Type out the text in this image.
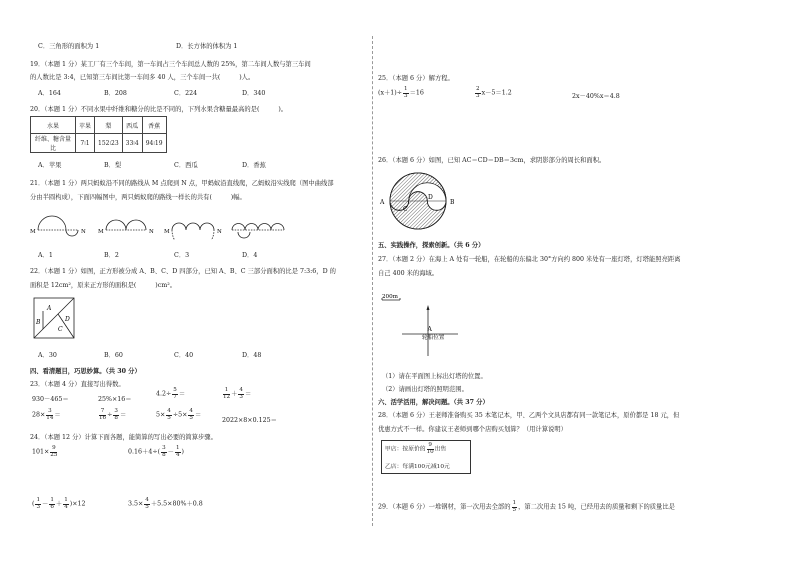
C．三角形的面积为 1	D．长方体的体积为 1
19．（本题 1 分）某工厂有三个车间，第一车间占三个车间总人数的 25%，第二车间人数与第三车间
的人数比是 3:4，已知第三车间比第一车间多 40 人，三个车间一共(　　　)人。
A．164	B．208	C．224	D．340
20．（本题 1 分）不同水果中纤维和糖分的比是不同的，下列水果含糖量最高的是(　　　)。
水果	苹果	梨	西瓜	香蕉
纤维、糖含量比	7∶1	152∶23	33∶4	94∶19
A．苹果	B．梨	C．西瓜	D．香蕉
21．（本题 1 分）两只蚂蚁沿不同的路线从 M 点爬到 N 点，甲蚂蚁沿直线爬，乙蚂蚁沿实线爬（图中曲线部
分由半圆构成），下面四幅图中，两只蚂蚁爬的路线一样长的共有(　　　)幅。
M	N M	N M	N
A．1	B．2	C．3	D．4
22．（本题 1 分）如图，正方形被分成 A、B、C、D 四部分，已知 A、B、C 三部分面积的比是 7:3:6，D 的
面积是 12cm²，原来正方形的面积是(　　　)cm²。
A
B
C
D
A．30	B．60	C．40	D．48
四、看清题目，巧思妙算。（共 30 分）
23．（本题 4 分）直接写出得数。
930－465＝	25%×16＝
$4.2\div \frac{5}{7}$ ＝	$\frac{1}{12} + \frac{4}{3}$ ＝
$28\times \frac{3}{14}$ ＝	$\frac{7}{16} \div \frac{3}{8}$ ＝	$5\times \frac{4}{5} \div 5\times \frac{4}{5}$ ＝
2022×8×0.125＝
24．（本题 12 分）计算下面各题，能简算的写出必要的简算步骤。
$101\times \frac{9}{25}$	$0.16+4\div( \frac{3}{8} - \frac{1}{4}$ )
( $\frac{1}{3} - \frac{1}{6} + \frac{1}{4} )\times 12$	$3.5\times \frac{4}{5} +5.5\times 80\%+0.8$
25．（本题 6 分）解方程。
$(x+1)\div \frac{1}{3} =16$	$\frac{2}{3} x-5=1.2$	2x－40%x＝4.8
26．（本题 6 分）如图，已知 AC＝CD＝DB＝3cm，求阴影部分的周长和面积。
A
C
D
B
五、实践操作，探索创新。（共 6 分）
27．（本题 2 分）在海上 A 处有一轮船，在轮船的东偏北 30°方向约 800 米处有一座灯塔，灯塔能照亮距离
自己 400 米的海域。
200m
A
轮船位置
（1）请在平面图上标出灯塔的位置。
（2）请画出灯塔的照明范围。
六、活学活用，解决问题。（共 37 分）
28．（本题 6 分）王老师准备购买 35 本笔记本，甲、乙两个文具店都有同一款笔记本，原价都是 18 元，但
优惠方式不一样。你建议王老师到哪个店购买划算？（用计算说明）
甲店：按原价的 $\frac{9}{10}$ 出售
乙店：每满100元减10元
29．（本题 6 分）一堆钢材，第一次用去全部的 $\frac{1}{5}$ ，第二次用去 15 吨，已经用去的质量和剩下的质量比是
